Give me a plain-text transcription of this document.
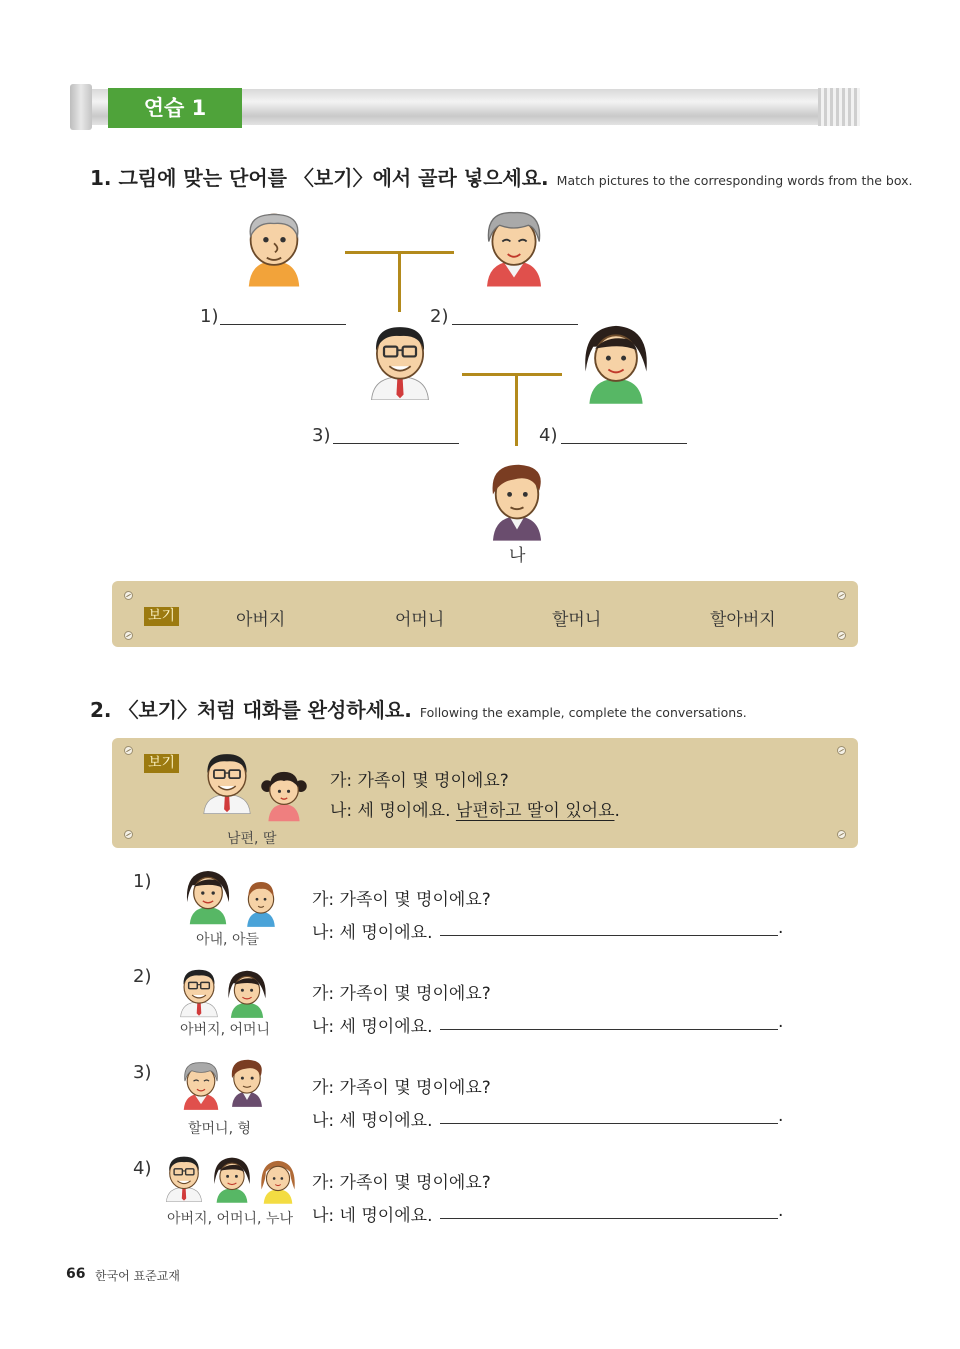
연습 1
1. 그림에 맞는 단어를 〈보기〉에서 골라 넣으세요. Match pictures to the corresponding words from the box.
나
1)	2)
3)	4)
보기	아버지	어머니	할머니	할아버지
2. 〈보기〉처럼 대화를 완성하세요. Following the example, complete the conversations.
보기
남편, 딸
가: 가족이 몇 명이에요?
나: 세 명이에요. 남편하고 딸이 있어요.
1)
아내, 아들
가: 가족이 몇 명이에요?
나: 세 명이에요.	.
2)
아버지, 어머니
가: 가족이 몇 명이에요?
나: 세 명이에요.	.
3)
할머니, 형
가: 가족이 몇 명이에요?
나: 세 명이에요.	.
4)
아버지, 어머니, 누나
가: 가족이 몇 명이에요?
나: 네 명이에요.	.
66 한국어 표준교재
